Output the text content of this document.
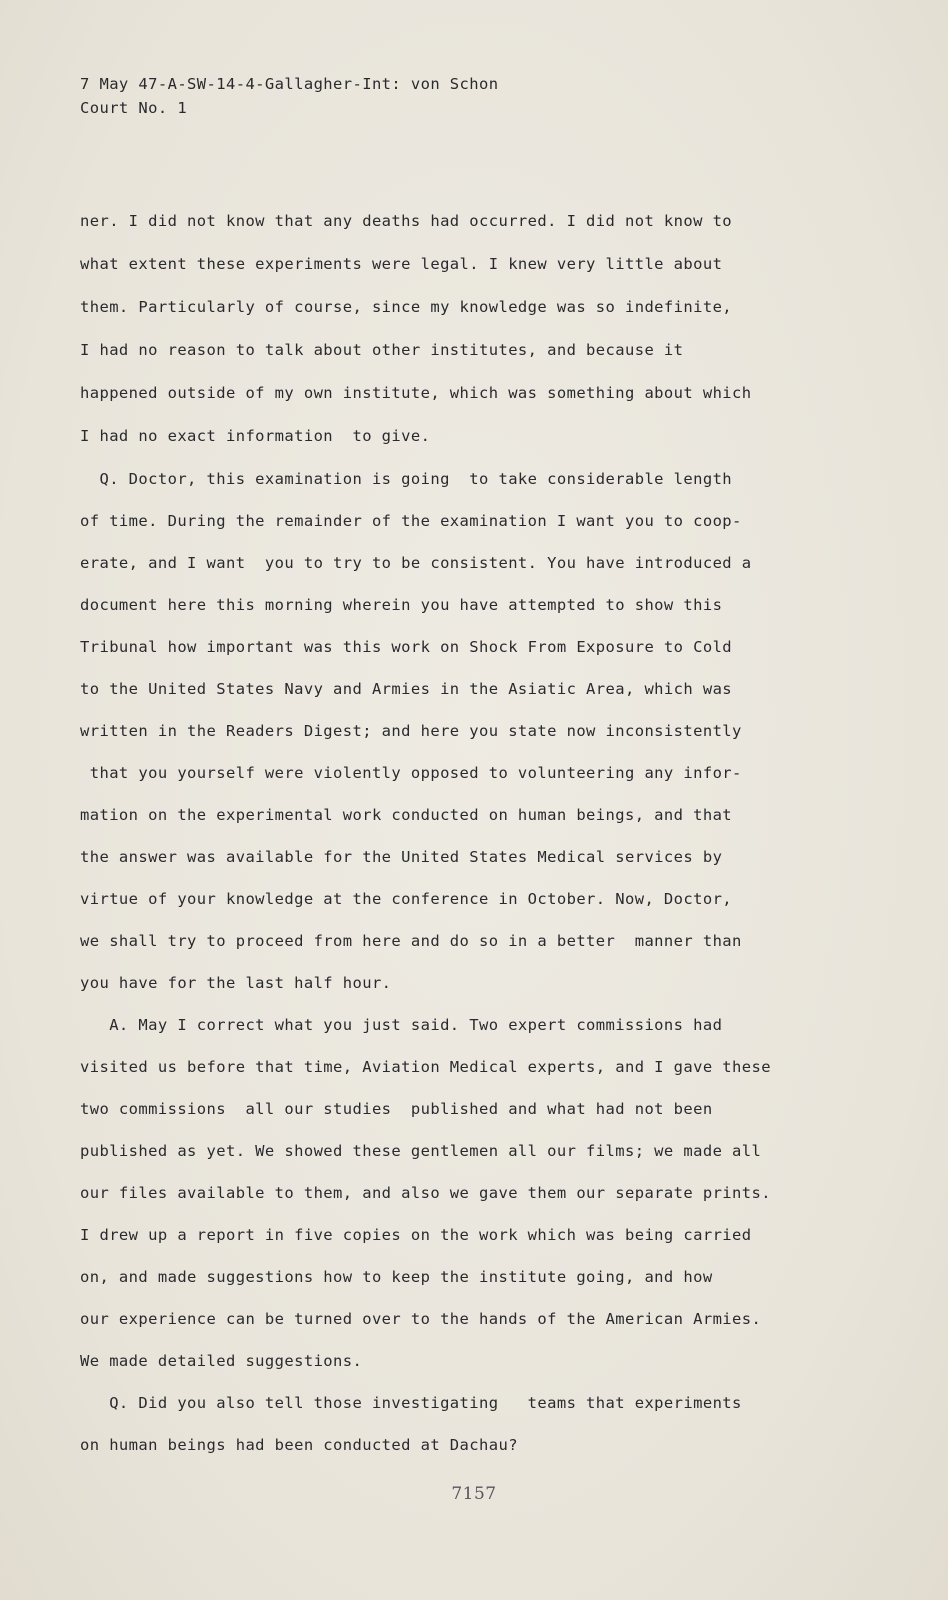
7 May 47-A-SW-14-4-Gallagher-Int: von Schon
Court No. 1
ner. I did not know that any deaths had occurred. I did not know to
what extent these experiments were legal. I knew very little about
them. Particularly of course, since my knowledge was so indefinite,
I had no reason to talk about other institutes, and because it
happened outside of my own institute, which was something about which
I had no exact information  to give.
Q. Doctor, this examination is going  to take considerable length
of time. During the remainder of the examination I want you to coop-
erate, and I want  you to try to be consistent. You have introduced a
document here this morning wherein you have attempted to show this
Tribunal how important was this work on Shock From Exposure to Cold
to the United States Navy and Armies in the Asiatic Area, which was
written in the Readers Digest; and here you state now inconsistently
that you yourself were violently opposed to volunteering any infor-
mation on the experimental work conducted on human beings, and that
the answer was available for the United States Medical services by
virtue of your knowledge at the conference in October. Now, Doctor,
we shall try to proceed from here and do so in a better  manner than
you have for the last half hour.
A. May I correct what you just said. Two expert commissions had
visited us before that time, Aviation Medical experts, and I gave these
two commissions  all our studies  published and what had not been
published as yet. We showed these gentlemen all our films; we made all
our files available to them, and also we gave them our separate prints.
I drew up a report in five copies on the work which was being carried
on, and made suggestions how to keep the institute going, and how
our experience can be turned over to the hands of the American Armies.
We made detailed suggestions.
Q. Did you also tell those investigating   teams that experiments
on human beings had been conducted at Dachau?
7157
